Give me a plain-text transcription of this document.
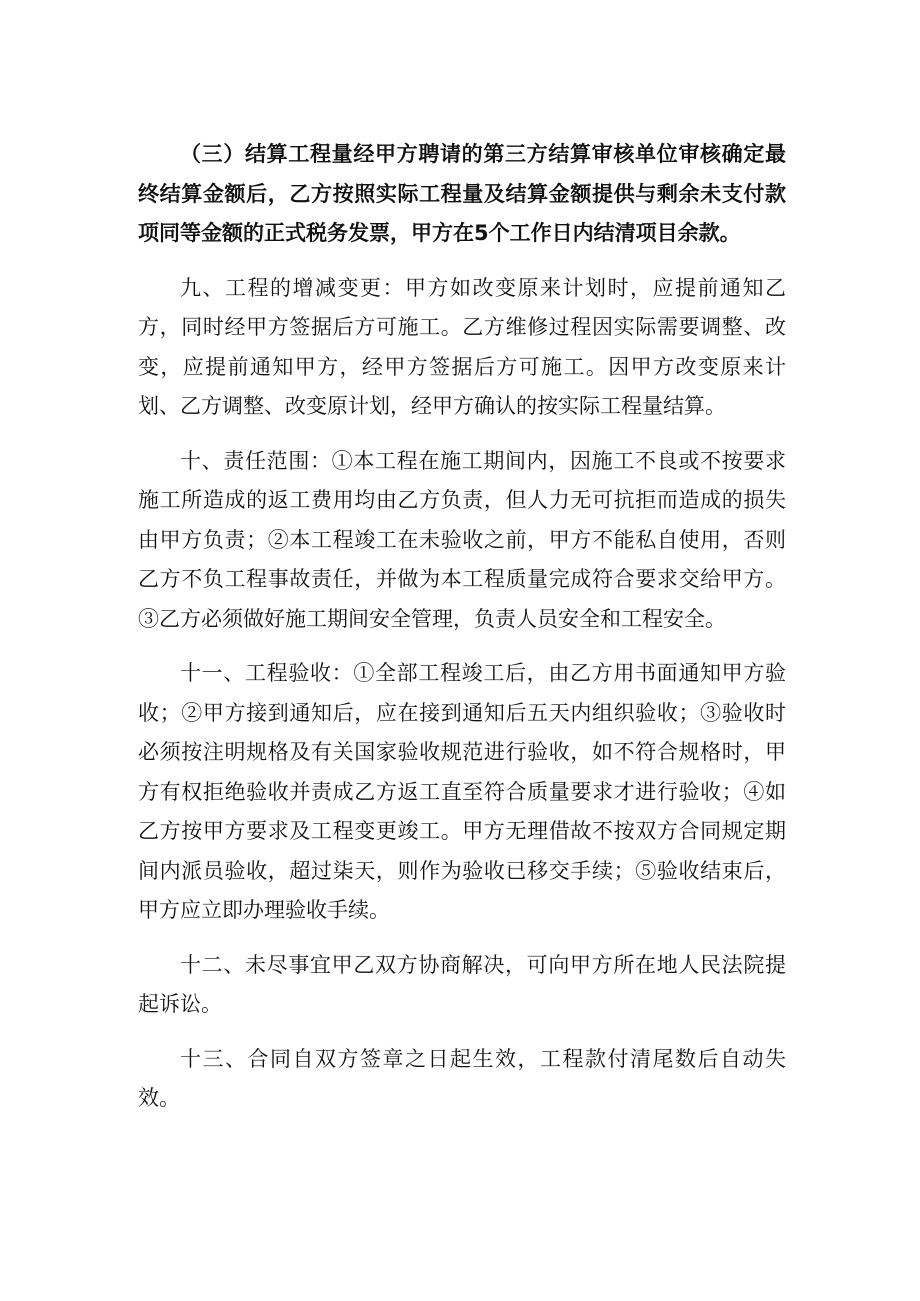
（三）结算工程量经甲方聘请的第三方结算审核单位审核确定最终结算金额后，乙方按照实际工程量及结算金额提供与剩余未支付款项同等金额的正式税务发票，甲方在5个工作日内结清项目余款。

九、工程的增减变更：甲方如改变原来计划时，应提前通知乙方，同时经甲方签据后方可施工。乙方维修过程因实际需要调整、改变，应提前通知甲方，经甲方签据后方可施工。因甲方改变原来计划、乙方调整、改变原计划，经甲方确认的按实际工程量结算。

十、责任范围：①本工程在施工期间内，因施工不良或不按要求施工所造成的返工费用均由乙方负责，但人力无可抗拒而造成的损失由甲方负责；②本工程竣工在未验收之前，甲方不能私自使用，否则乙方不负工程事故责任，并做为本工程质量完成符合要求交给甲方。③乙方必须做好施工期间安全管理，负责人员安全和工程安全。

十一、工程验收：①全部工程竣工后，由乙方用书面通知甲方验收；②甲方接到通知后，应在接到通知后五天内组织验收；③验收时必须按注明规格及有关国家验收规范进行验收，如不符合规格时，甲方有权拒绝验收并责成乙方返工直至符合质量要求才进行验收；④如乙方按甲方要求及工程变更竣工。甲方无理借故不按双方合同规定期间内派员验收，超过柒天，则作为验收已移交手续；⑤验收结束后，甲方应立即办理验收手续。

十二、未尽事宜甲乙双方协商解决，可向甲方所在地人民法院提起诉讼。

十三、合同自双方签章之日起生效，工程款付清尾数后自动失效。
